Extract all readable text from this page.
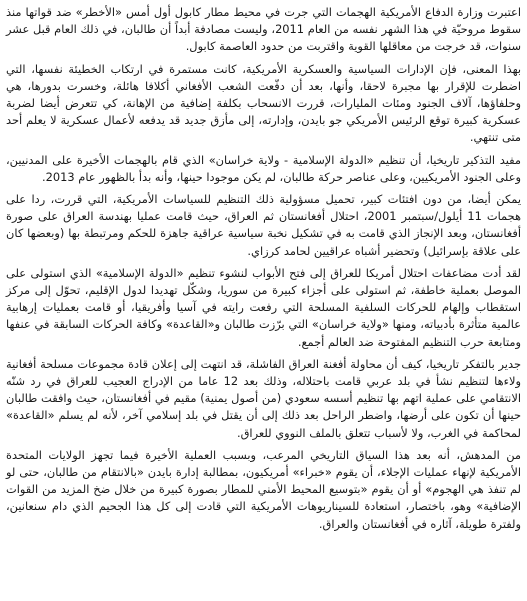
اعتبرت وزارة الدفاع الأمريكية الهجمات التي جرت في محيط مطار كابول أول أمس «الأخطر» ضد قواتها منذ سقوط مروحيّة في هذا الشهر نفسه من العام 2011، وليست مصادفة أبداً أن طالبان، في ذلك العام قبل عشر سنوات، قد خرجت من معاقلها القوية واقتربت من حدود العاصمة كابول.

بهذا المعنى، فإن الإدارات السياسية والعسكرية الأمريكية، كانت مستمرة في ارتكاب الخطيئة نفسها، التي اضطرت للإقرار بها مجبرة لاحقا، وأنها، بعد أن دفّعت الشعب الأفغاني أكلافا هائلة، وخسرت بدورها، هي وحلفاؤها، آلاف الجنود ومئات المليارات، قررت الانسحاب بكلفة إضافية من الإهانة، كي تتعرض أيضا لضربة عسكرية كبيرة توقع الرئيس الأمريكي جو بايدن، وإدارته، إلى مأزق جديد قد يدفعه لأعمال عسكرية لا يعلم أحد متى تنتهي.

مفيد التذكير تاريخيا، أن تنظيم «الدولة الإسلامية - ولاية خراسان» الذي قام بالهجمات الأخيرة على المدنيين، وعلى الجنود الأمريكيين، وعلى عناصر حركة طالبان، لم يكن موجودا حينها، وأنه بدأ بالظهور عام 2013.

يمكن أيضا، من دون افتئات كبير، تحميل مسؤولية ذلك التنظيم للسياسات الأمريكية، التي قررت، ردا على هجمات 11 أيلول/سبتمبر 2001، احتلال أفغانستان ثم العراق، حيث قامت عمليا بهندسة العراق على صورة أفغانستان، وبعد الإنجاز الذي قامت به في تشكيل نخبة سياسية عراقية جاهزة للحكم ومرتبطة بها (وبعضها كان على علاقة بإسرائيل) وتحضير أشباه عراقيين لحامد كرزاي.

لقد أدت مضاعفات احتلال أمريكا للعراق إلى فتح الأبواب لنشوء تنظيم «الدولة الإسلامية» الذي استولى على الموصل بعملية خاطفة، ثم استولى على أجزاء كبيرة من سوريا، وشكّل تهديدا لدول الإقليم، تحوّل إلى مركز استقطاب وإلهام للحركات السلفية المسلحة التي رفعت رايته في آسيا وأفريقيا، أو قامت بعمليات إرهابية عالمية متأثرة بأدبياته، ومنها «ولاية خراسان» التي برّزت طالبان و«القاعدة» وكافة الحركات السابقة في عنفها ومتابعة حرب التنظيم المفتوحة ضد العالم أجمع.

جدير بالتفكر تاريخيا، كيف أن محاولة أفغنة العراق الفاشلة، قد انتهت إلى إعلان قادة مجموعات مسلحة أفغانية ولاءها لتنظيم نشأ في بلد عربي قامت باحتلاله، وذلك بعد 12 عاما من الإدراج العجيب للعراق في رد شنّه الانتقامي على عملية اتهم بها تنظيم أسسه سعودي (من أصول يمنية) مقيم في أفغانستان، حيث وافقت طالبان حينها أن تكون على أرضها، واضطر الراحل بعد ذلك إلى أن يقتل في بلد إسلامي آخر، لأنه لم يسلم «القاعدة» لمحاكمة في الغرب، ولا لأسباب تتعلق بالملف النووي للعراق.

من المدهش، أنه بعد هذا السياق التاريخي المرعب، وبسبب العملية الأخيرة فيما تجهز الولايات المتحدة الأمريكية لإنهاء عمليات الإجلاء، أن يقوم «خبراء» أمريكيون، بمطالبة إدارة بايدن «بالانتقام من طالبان، حتى لو لم تنفذ هي الهجوم» أو أن يقوم «بتوسيع المحيط الأمني للمطار بصورة كبيرة من خلال ضخ المزيد من القوات الإضافية» وهو، باختصار، استعادة للسيناريوهات الأمريكية التي قادت إلى كل هذا الجحيم الذي دام سنعانين، ولفترة طويلة، آثاره في أفغانستان والعراق.
